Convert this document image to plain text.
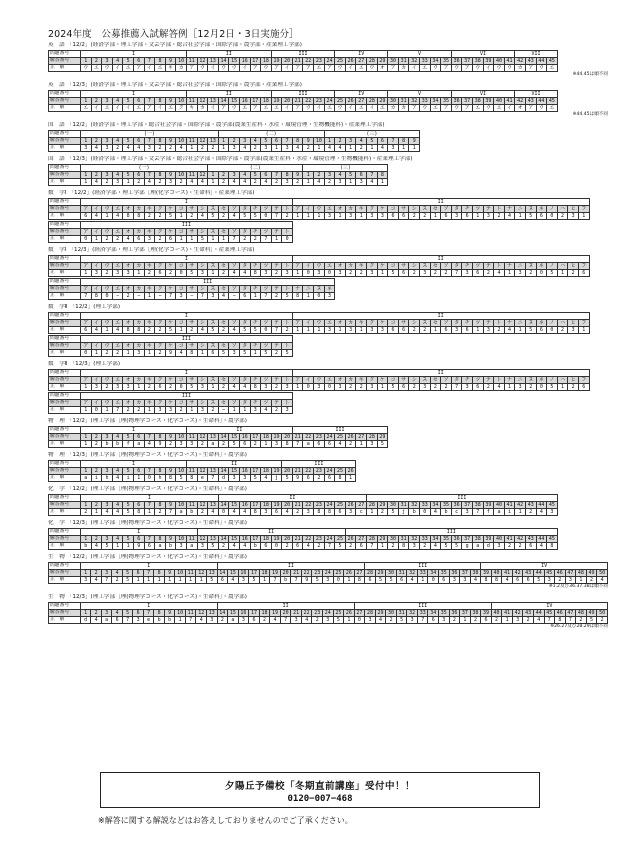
2024年度　公募推薦入試解答例［12月2日・3日実施分］
英　語 「12/2」(経済学部・理工学部・文芸学部・総合社会学部・国際学部・農学部・産業理工学部)
問題番号	I										II								III						IV					V						VI						VII			
解答番号	1	2	3	4	5	6	7	8	9	10	11	12	13	14	15	16	17	18	19	20	21	22	23	24	25	26	27	28	29	30	31	32	33	34	35	36	37	38	39	40	41	42	43	44	45
正　解	ウ	エ	ウ	イ	エ	ア	イ	エ	キ	カ	ア	ウ	イ	ウ	ウ	イ	ア	ウ	ア	イ	ア	ア	エ	ア	ウ	イ	エ	ウ	オ	ア	カ	イ	エ	ウ	ア	ウ	ア	ウ	イ	ウ	ウ	カ	ア	ウ	エ
※44.45は順不同
英　語 「12/3」(経済学部・理工学部・文芸学部・総合社会学部・国際学部・農学部・産業理工学部)
問題番号	I										II								III						IV					V						VI						VII			
解答番号	1	2	3	4	5	6	7	8	9	10	11	12	13	14	15	16	17	18	19	20	21	22	23	24	25	26	27	28	29	30	31	32	33	34	35	36	37	38	39	40	41	42	43	44	45
正　解	エ	イ	エ	イ	イ	エ	ア	イ	エ	ク	キ	カ	イ	ア	ウ	エ	ア	エ	エ	イ	ア	ウ	イ	エ	ウ	イ	エ	イ	エ	カ	カ	ア	ウ	エ	ア	ウ	ア	エ	ウ	エ	イ	オ	ア	ウ	エ
※44.45は順不同
国　語 「12/2」(経済学部・理工学部・総合社会学部・国際学部・農学部(農業生産科・水産・環境管理・生物機能科)・産業理工学部)
問題番号	(一)													(二)										(三)								
解答番号	1	2	3	4	5	6	7	8	9	10	11	12	13	1	2	3	4	5	6	7	8	9	10	1	2	3	4	5	6	7	8	9
正　解	3	4	3	2	4	4	3	2	2	4	1	2	2	1	3	4	2	3	1	3	4	2	1	4	4	1	2	1	4	3	1	1
国　語 「12/3」(経済学部・理工学部・文芸学部・総合社会学部・国際学部・農学部(農業生産科・水産・環境管理・生物機能科)・産業理工学部)
問題番号	(一)												(二)									(三)							
解答番号	1	2	3	4	5	6	7	8	9	10	11	12	1	2	3	4	5	6	7	8	9	1	2	3	4	5	6	7	8
正　解	1	4	2	3	1	2	4	2	3	2	4	4	1	2	4	4	2	4	2	3	2	1	4	2	3	1	3	4	1
数　学Ⅰ 「12/2」(経済学部・理工学部［理(化学コース)・生命科］・産業理工学部)
問題番号	I																				II																											
解答番号	ア	イ	ウ	エ	オ	カ	キ	ク	ケ	コ	サ	シ	ス	セ	ソ	タ	チ	ツ	テ	ト	ア	イ	ウ	エ	オ	カ	キ	ク	ケ	コ	サ	シ	ス	セ	ソ	タ	チ	ツ	テ	ト	ナ	ニ	ヌ	ネ	ノ	ハ	ヒ	フ
正　解	6	4	1	4	8	8	2	2	5	1	2	4	5	2	4	5	5	0	7	2	1	1	1	3	1	3	1	3	3	6	6	2	2	1	6	3	6	1	3	2	4	1	5	6	0	2	3	1
問題番号	III																			
解答番号	ア	イ	ウ	エ	オ	カ	キ	ク	ケ	コ	サ	シ	ス	セ	ソ	タ	チ	ツ	テ	ト
正　解	0	1	2	2	4	6	3	2	6	1	1	5	1	1	7	2	2	7	1	0
数　学Ⅰ 「12/3」(経済学部・理工学部［理(化学コース)・生命科］・産業理工学部)
問題番号	I																				II																											
解答番号	ア	イ	ウ	エ	オ	カ	キ	ク	ケ	コ	サ	シ	ス	セ	ソ	タ	チ	ツ	テ	ト	ア	イ	ウ	エ	オ	カ	キ	ク	ケ	コ	サ	シ	ス	セ	ソ	タ	チ	ツ	テ	ト	ナ	ニ	ヌ	ネ	ノ	ハ	ヒ	フ
正　解	1	3	2	3	3	1	2	6	2	0	5	3	1	2	4	4	8	3	2	3	1	0	3	0	3	2	2	3	1	5	6	2	3	2	2	7	3	6	2	4	1	3	2	0	5	1	2	6
問題番号	III																							
解答番号	ア	イ	ウ	エ	オ	カ	キ	ク	ケ	コ	サ	シ	ス	セ	ソ	タ	チ	ツ	テ	ト	ナ	ニ	ヌ	ネ
正　解	7	8	0	−	2	−	1	−	7	3	−	7	3	4	−	6	1	7	2	5	8	1	0	3
数　学Ⅱ 「12/2」(理工学部)
問題番号	I																				II																											
解答番号	ア	イ	ウ	エ	オ	カ	キ	ク	ケ	コ	サ	シ	ス	セ	ソ	タ	チ	ツ	テ	ト	ア	イ	ウ	エ	オ	カ	キ	ク	ケ	コ	サ	シ	ス	セ	ソ	タ	チ	ツ	テ	ト	ナ	ニ	ヌ	ネ	ノ	ハ	ヒ	フ
正　解	6	4	1	4	8	8	2	2	5	1	2	4	5	2	4	5	5	0	7	2	1	1	1	3	1	3	1	3	3	6	6	2	2	1	6	3	6	1	3	2	4	1	5	6	0	2	3	1
問題番号	III																			
解答番号	ア	イ	ウ	エ	オ	カ	キ	ク	ケ	コ	サ	シ	ス	セ	ソ	タ	チ	ツ	テ	ト
正　解	0	1	2	2	1	3	1	2	9	4	8	1	6	5	3	5	1	5	2	5
数　学Ⅱ 「12/3」(理工学部)
問題番号	I																				II																											
解答番号	ア	イ	ウ	エ	オ	カ	キ	ク	ケ	コ	サ	シ	ス	セ	ソ	タ	チ	ツ	テ	ト	ア	イ	ウ	エ	オ	カ	キ	ク	ケ	コ	サ	シ	ス	セ	ソ	タ	チ	ツ	テ	ト	ナ	ニ	ヌ	ネ	ノ	ハ	ヒ	フ
正　解	1	3	2	3	3	1	2	6	2	0	5	3	1	2	4	4	8	3	2	3	1	0	3	0	3	2	2	3	1	5	6	2	3	2	2	7	3	6	2	4	1	3	2	0	5	1	2	6
問題番号	III																			
解答番号	ア	イ	ウ	エ	オ	カ	キ	ク	ケ	コ	サ	シ	ス	セ	ソ	タ	チ	ツ	テ	ト
正　解	1	0	1	7	2	2	1	3	3	2	1	3	2	−	1	1	3	4	2	3
物　理 「12/2」(理工学部［理(物理学コース・化学コース)・生命科］・農学部)
問題番号	I										II										III								
解答番号	1	2	3	4	5	6	7	8	9	10	11	12	13	14	15	16	17	18	19	20	21	22	23	24	25	26	27	28	29
正　解	1	2	b	b	f	a	4	9	2	3	3	2	a	2	5	6	2	1	3	8	7	a	6	6	4	2	1	3	5
物　理 「12/3」(理工学部［理(物理学コース・化学コース)・生命科］・農学部)
問題番号	I										II									III						
解答番号	1	2	3	4	5	6	7	8	9	10	11	12	13	14	15	16	17	18	19	20	21	22	23	24	25	26
正　解	a	i	h	4	i	1	0	h	8	5	8	e	7	d	3	3	5	4	j	5	9	6	2	6	8	1
化　学 「12/2」(理工学部［理(物理学コース・化学コース)・生命科］・農学部)
問題番号	I													II														III																	
解答番号	1	2	3	4	5	6	7	8	9	10	11	12	13	14	15	16	17	18	19	20	21	22	23	24	25	26	27	28	29	30	31	32	33	34	35	36	37	38	39	40	41	42	43	44	45
正　解	2	1	4	4	5	8	1	2	7	a	b	2	4	0	4	4	8	3	6	4	2	3	8	8	6	3	c	1	2	5	j	b	0	4	b	c	3	7	f	a	i	1	2	4	3
化　学 「12/3」(理工学部［理(物理学コース・化学コース)・生命科］・農学部)
問題番号	I											II														III																			
解答番号	1	2	3	4	5	6	7	8	9	10	11	12	13	14	15	16	17	18	19	20	21	22	23	24	25	26	27	28	29	30	31	32	33	34	35	36	37	38	39	40	41	42	43	44	45
正　解	b	4	5	1	1	9	6	a	b	3	a	3	5	2	4	4	b	6	0	2	6	4	2	7	5	2	6	7	1	2	8	3	2	4	5	5	g	a	d	3	2	2	6	4	8
生　物 「12/2」(理工学部［理(物理学コース・化学コース)・生命科］・農学部)
問題番号	I													II														III											IV											
解答番号	1	2	3	4	5	6	7	8	9	10	11	12	13	14	15	16	17	18	19	20	21	22	23	24	25	26	27	28	29	30	31	32	33	34	35	36	37	38	39	40	41	42	43	44	45	46	47	48	49	50
正　解	3	4	7	2	5	1	1	1	1	1	1	1	5	6	4	3	5	1	7	b	7	9	5	3	0	1	8	6	5	5	6	4	1	0	6	3	3	4	8	8	4	6	6	5	3	2	3	1	2	4
※1.2及び36.37.38は順不同
生　物 「12/3」(理工学部［理(物理学コース・化学コース)・生命科］・農学部)
問題番号	I													II													III													IV										
解答番号	1	2	3	4	5	6	7	8	9	10	11	12	13	14	15	16	17	18	19	20	21	22	23	24	25	26	27	28	29	30	31	32	33	34	35	36	37	38	39	40	41	42	43	44	45	46	47	48	49	50
正　解	d	4	a	6	7	3	e	b	b	1	7	4	3	2	a	3	6	2	4	7	3	4	2	3	5	1	0	3	4	2	5	3	7	6	3	2	1	2	6	2	1	3	2	4	7	8	7	2	5	2
※26.27及び28.29は順不同
夕陽丘予備校「冬期直前講座」受付中！！
0120−007−468
※解答に関する解説などはお答えしておりませんのでご了承ください。
